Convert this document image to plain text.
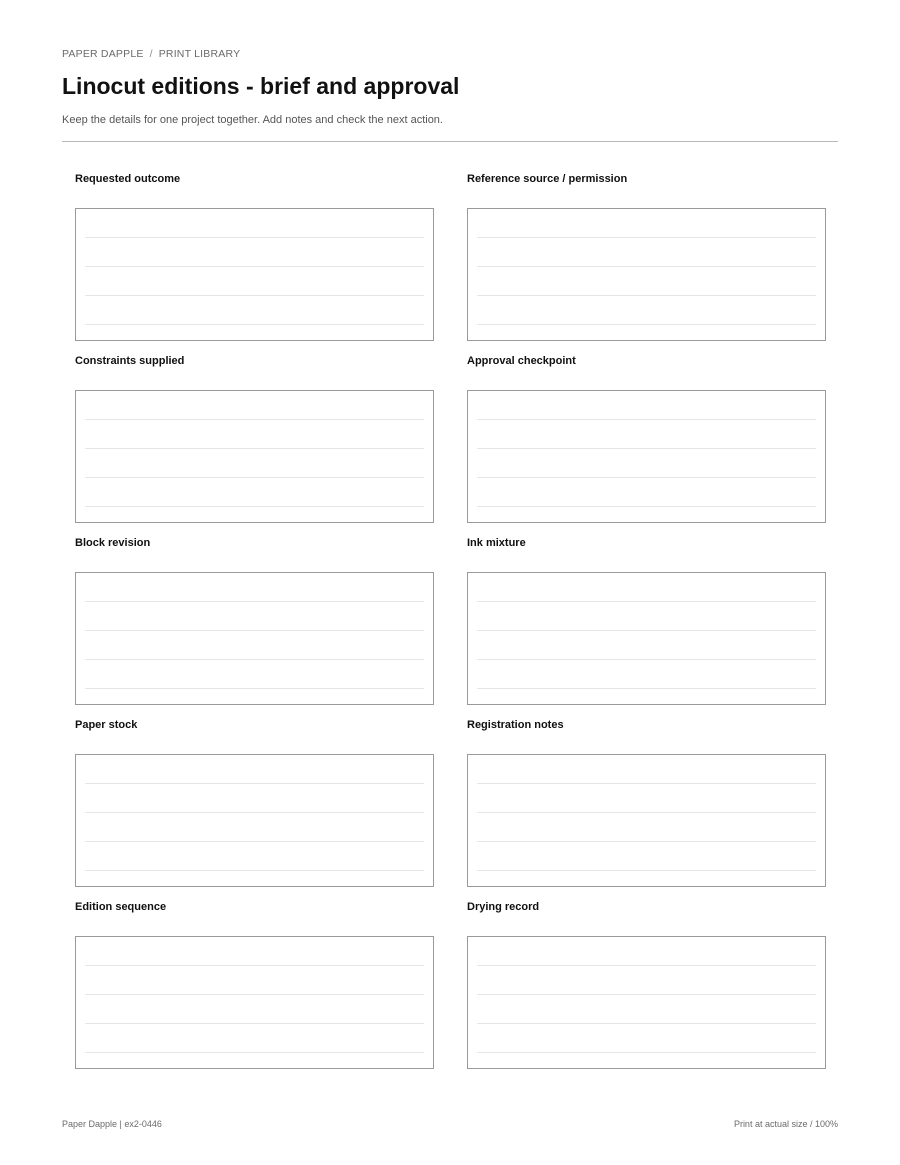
PAPER DAPPLE / PRINT LIBRARY
Linocut editions - brief and approval
Keep the details for one project together. Add notes and check the next action.
Requested outcome	Reference source / permission
Constraints supplied	Approval checkpoint
Block revision	Ink mixture
Paper stock	Registration notes
Edition sequence	Drying record
Paper Dapple | ex2-0446	Print at actual size / 100%
